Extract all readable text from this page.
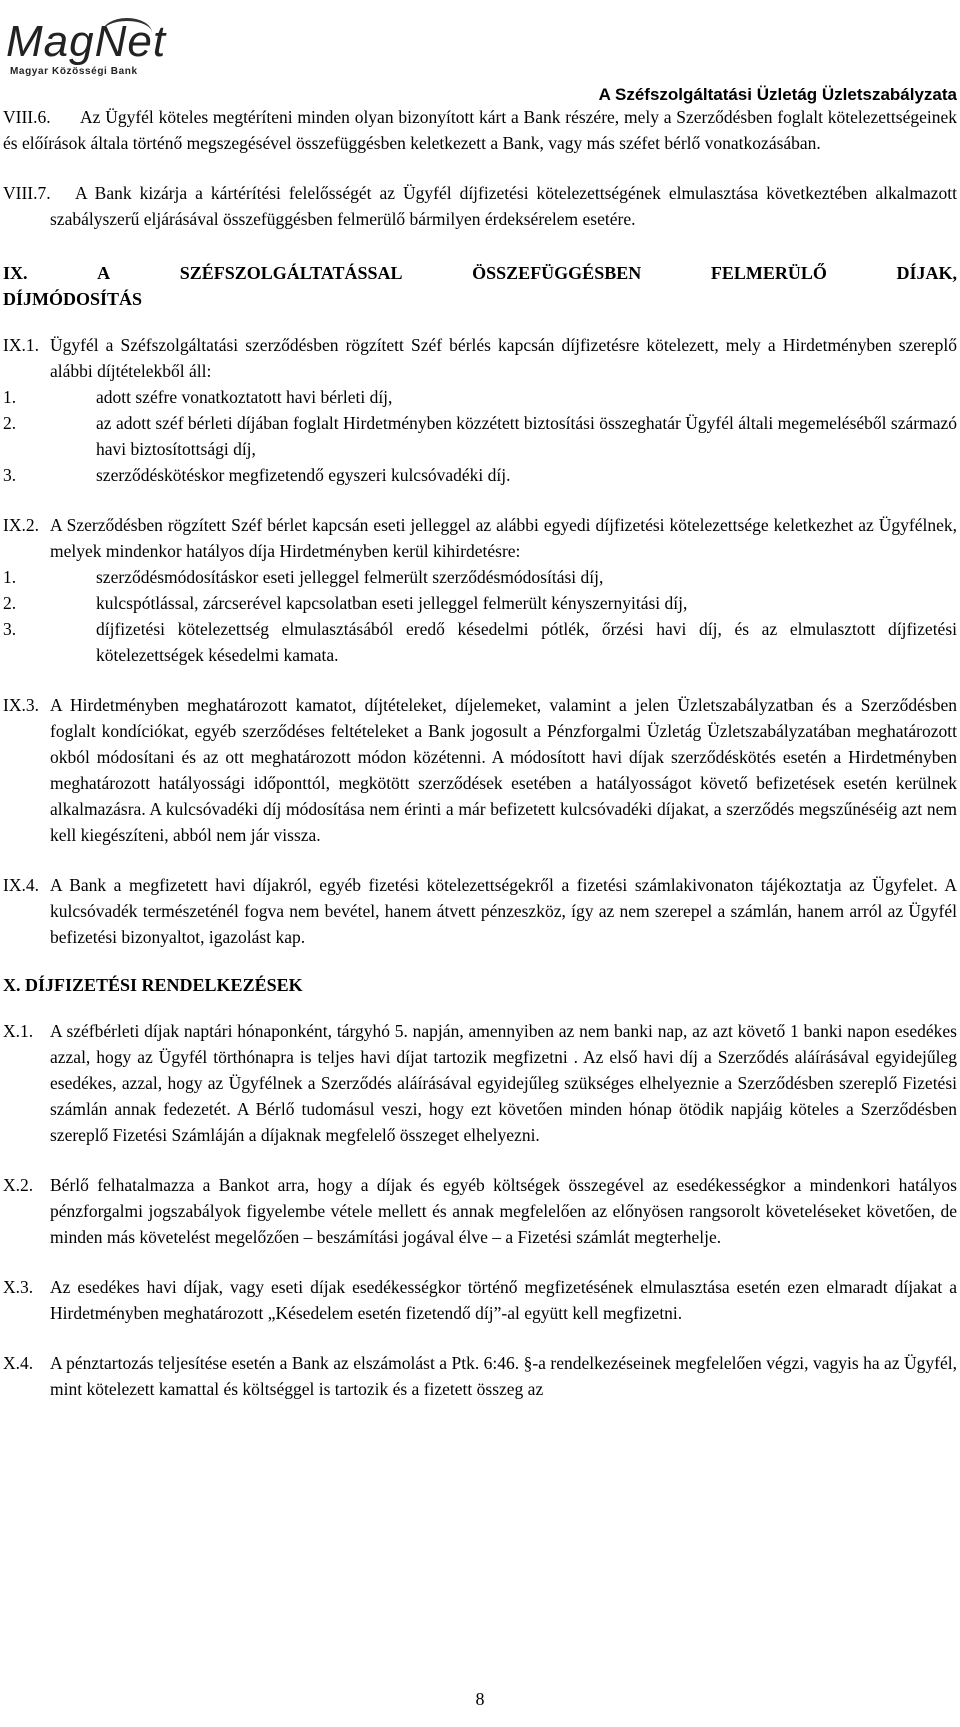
MagNet
Magyar Közösségi Bank
A Széfszolgáltatási Üzletág Üzletszabályzata
VIII.6.	Az Ügyfél köteles megtéríteni minden olyan bizonyított kárt a Bank részére, mely a Szerződésben foglalt kötelezettségeinek és előírások általa történő megszegésével összefüggésben keletkezett a Bank, vagy más széfet bérlő vonatkozásában.
VIII.7.	A Bank kizárja a kártérítési felelősségét az Ügyfél díjfizetési kötelezettségének elmulasztása következtében alkalmazott szabályszerű eljárásával összefüggésben felmerülő bármilyen érdeksérelem esetére.
IX.	A	SZÉFSZOLGÁLTATÁSSAL	ÖSSZEFÜGGÉSBEN	FELMERÜLŐ	DÍJAK,
DÍJMÓDOSÍTÁS
IX.1. Ügyfél a Széfszolgáltatási szerződésben rögzített Széf bérlés kapcsán díjfizetésre kötelezett, mely a Hirdetményben szereplő alábbi díjtételekből áll:
1.	adott széfre vonatkoztatott havi bérleti díj,
2.	az adott széf bérleti díjában foglalt Hirdetményben közzétett biztosítási összeghatár Ügyfél általi megemeléséből származó havi biztosítottsági díj,
3.	szerződéskötéskor megfizetendő egyszeri kulcsóvadéki díj.
IX.2. A Szerződésben rögzített Széf bérlet kapcsán eseti jelleggel az alábbi egyedi díjfizetési kötelezettsége keletkezhet az Ügyfélnek, melyek mindenkor hatályos díja Hirdetményben kerül kihirdetésre:
1.	szerződésmódosításkor eseti jelleggel felmerült szerződésmódosítási díj,
2.	kulcspótlással, zárcserével kapcsolatban eseti jelleggel felmerült kényszernyitási díj,
3.	díjfizetési kötelezettség elmulasztásából eredő késedelmi pótlék, őrzési havi díj, és az elmulasztott díjfizetési kötelezettségek késedelmi kamata.
IX.3. A Hirdetményben meghatározott kamatot, díjtételeket, díjelemeket, valamint a jelen Üzletszabályzatban és a Szerződésben foglalt kondíciókat, egyéb szerződéses feltételeket a Bank jogosult a Pénzforgalmi Üzletág Üzletszabályzatában meghatározott okból módosítani és az ott meghatározott módon közétenni. A módosított havi díjak szerződéskötés esetén a Hirdetményben meghatározott hatályossági időponttól, megkötött szerződések esetében a hatályosságot követő befizetések esetén kerülnek alkalmazásra. A kulcsóvadéki díj módosítása nem érinti a már befizetett kulcsóvadéki díjakat, a szerződés megszűnéséig azt nem kell kiegészíteni, abból nem jár vissza.
IX.4. A Bank a megfizetett havi díjakról, egyéb fizetési kötelezettségekről a fizetési számlakivonaton tájékoztatja az Ügyfelet. A kulcsóvadék természeténél fogva nem bevétel, hanem átvett pénzeszköz, így az nem szerepel a számlán, hanem arról az Ügyfél befizetési bizonyaltot, igazolást kap.
X. DÍJFIZETÉSI RENDELKEZÉSEK
X.1. A széfbérleti díjak naptári hónaponként, tárgyhó 5. napján, amennyiben az nem banki nap, az azt követő 1 banki napon esedékes azzal, hogy az Ügyfél törthónapra is teljes havi díjat tartozik megfizetni . Az első havi díj a Szerződés aláírásával egyidejűleg esedékes, azzal, hogy az Ügyfélnek a Szerződés aláírásával egyidejűleg szükséges elhelyeznie a Szerződésben szereplő Fizetési számlán annak fedezetét. A Bérlő tudomásul veszi, hogy ezt követően minden hónap ötödik napjáig köteles a Szerződésben szereplő Fizetési Számláján a díjaknak megfelelő összeget elhelyezni.
X.2. Bérlő felhatalmazza a Bankot arra, hogy a díjak és egyéb költségek összegével az esedékességkor a mindenkori hatályos pénzforgalmi jogszabályok figyelembe vétele mellett és annak megfelelően az előnyösen rangsorolt követeléseket követően, de minden más követelést megelőzően – beszámítási jogával élve – a Fizetési számlát megterhelje.
X.3. Az esedékes havi díjak, vagy eseti díjak esedékességkor történő megfizetésének elmulasztása esetén ezen elmaradt díjakat a Hirdetményben meghatározott „Késedelem esetén fizetendő díj”-al együtt kell megfizetni.
X.4. A pénztartozás teljesítése esetén a Bank az elszámolást a Ptk. 6:46. §-a rendelkezéseinek megfelelően végzi, vagyis ha az Ügyfél, mint kötelezett kamattal és költséggel is tartozik és a fizetett összeg az
8
